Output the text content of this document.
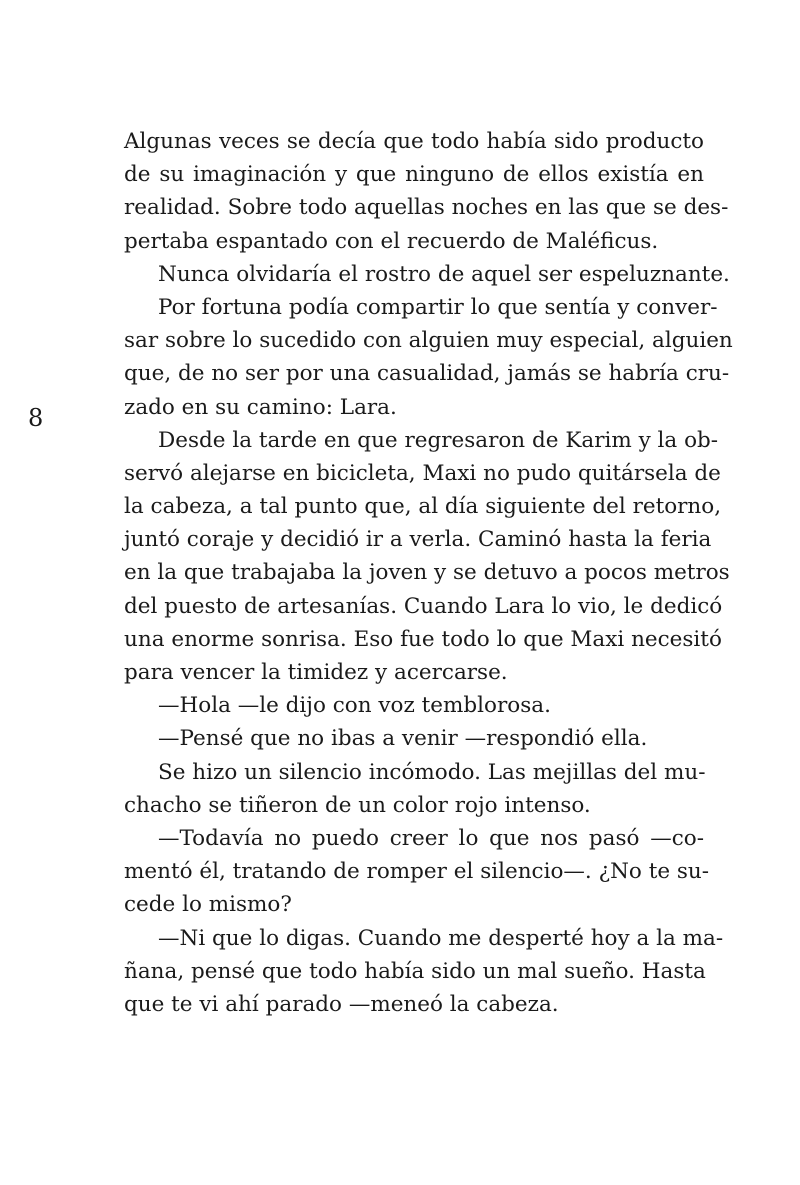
8
Algunas veces se decía que todo había sido producto
de su imaginación y que ninguno de ellos existía en
realidad. Sobre todo aquellas noches en las que se des-
pertaba espantado con el recuerdo de Maléficus.
Nunca olvidaría el rostro de aquel ser espeluznante.
Por fortuna podía compartir lo que sentía y conver-
sar sobre lo sucedido con alguien muy especial, alguien
que, de no ser por una casualidad, jamás se habría cru-
zado en su camino: Lara.
Desde la tarde en que regresaron de Karim y la ob-
servó alejarse en bicicleta, Maxi no pudo quitársela de
la cabeza, a tal punto que, al día siguiente del retorno,
juntó coraje y decidió ir a verla. Caminó hasta la feria
en la que trabajaba la joven y se detuvo a pocos metros
del puesto de artesanías. Cuando Lara lo vio, le dedicó
una enorme sonrisa. Eso fue todo lo que Maxi necesitó
para vencer la timidez y acercarse.
—Hola —le dijo con voz temblorosa.
—Pensé que no ibas a venir —respondió ella.
Se hizo un silencio incómodo. Las mejillas del mu-
chacho se tiñeron de un color rojo intenso.
—Todavía no puedo creer lo que nos pasó —co-
mentó él, tratando de romper el silencio—. ¿No te su-
cede lo mismo?
—Ni que lo digas. Cuando me desperté hoy a la ma-
ñana, pensé que todo había sido un mal sueño. Hasta
que te vi ahí parado —meneó la cabeza.
